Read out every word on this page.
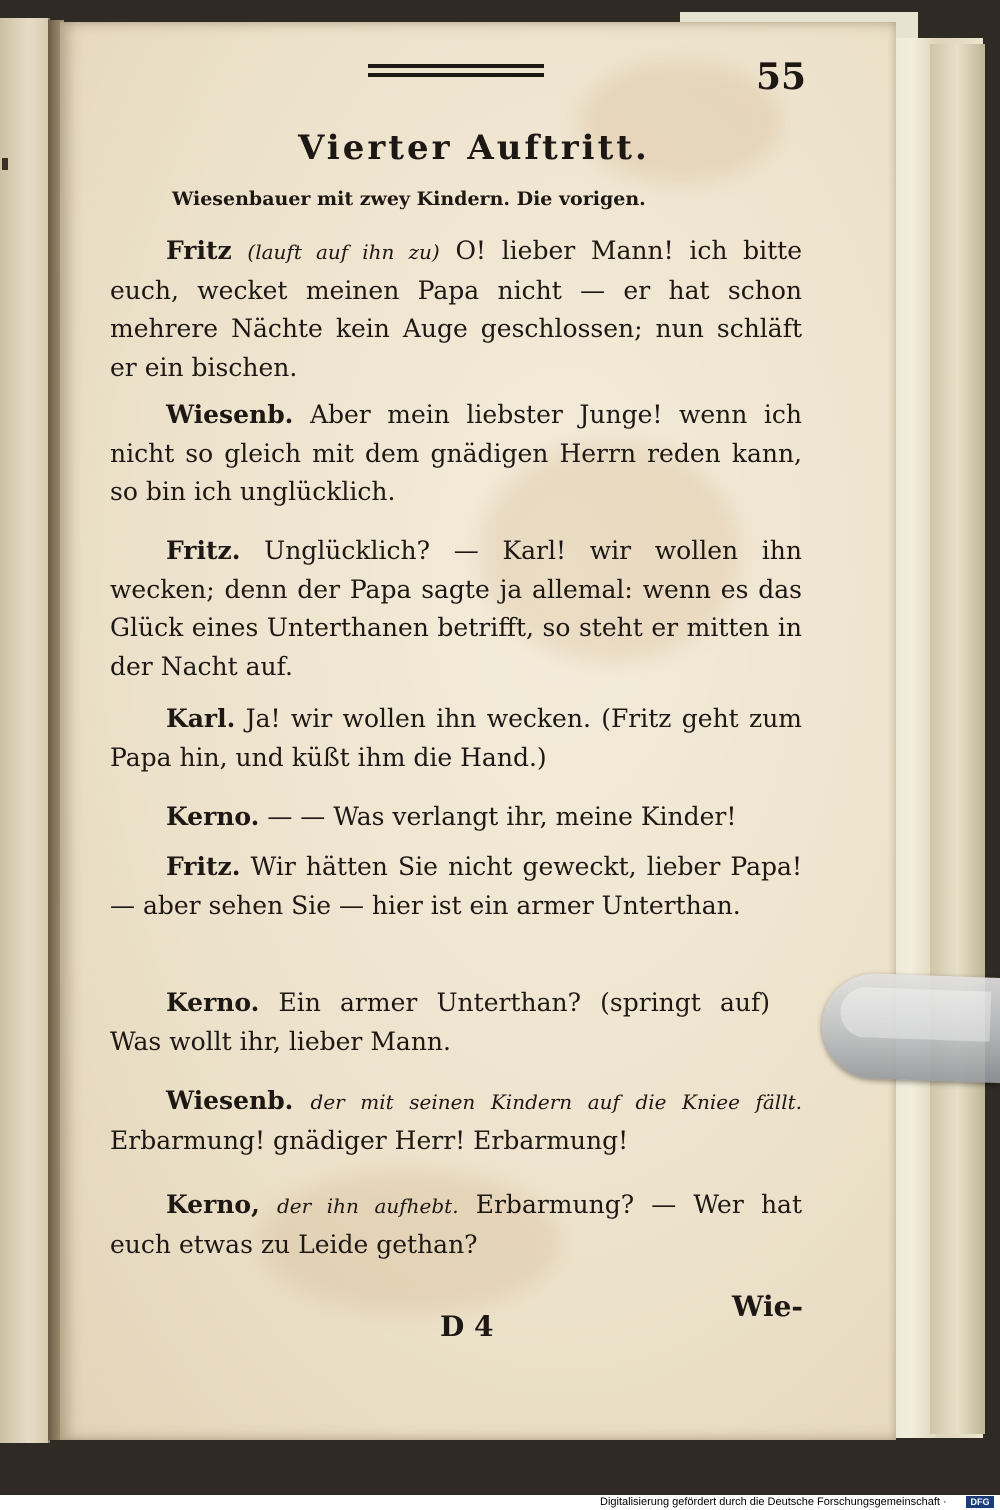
55
Vierter Auftritt.
Wiesenbauer mit zwey Kindern. Die vorigen.

Fritz (lauft auf ihn zu) O! lieber Mann! ich bitte euch, wecket meinen Papa nicht — er hat schon mehrere Nächte kein Auge geschlossen; nun schläft er ein bischen.

Wiesenb. Aber mein liebster Junge! wenn ich nicht so gleich mit dem gnädigen Herrn reden kann, so bin ich unglücklich.

Fritz. Unglücklich? — Karl! wir wollen ihn wecken; denn der Papa sagte ja allemal: wenn es das Glück eines Unterthanen betrifft, so steht er mitten in der Nacht auf.

Karl. Ja! wir wollen ihn wecken. (Fritz geht zum Papa hin, und küßt ihm die Hand.)

Kerno. — — Was verlangt ihr, meine Kinder!

Fritz. Wir hätten Sie nicht geweckt, lieber Papa! — aber sehen Sie — hier ist ein armer Unterthan.

Kerno. Ein armer Unterthan? (springt auf) Was wollt ihr, lieber Mann.

Wiesenb. der mit seinen Kindern auf die Kniee fällt. Erbarmung! gnädiger Herr! Erbarmung!

Kerno, der ihn aufhebt. Erbarmung? — Wer hat euch etwas zu Leide gethan?

Wie-
D 4
Digitalisierung gefördert durch die Deutsche Forschungsgemeinschaft ·	DFG
